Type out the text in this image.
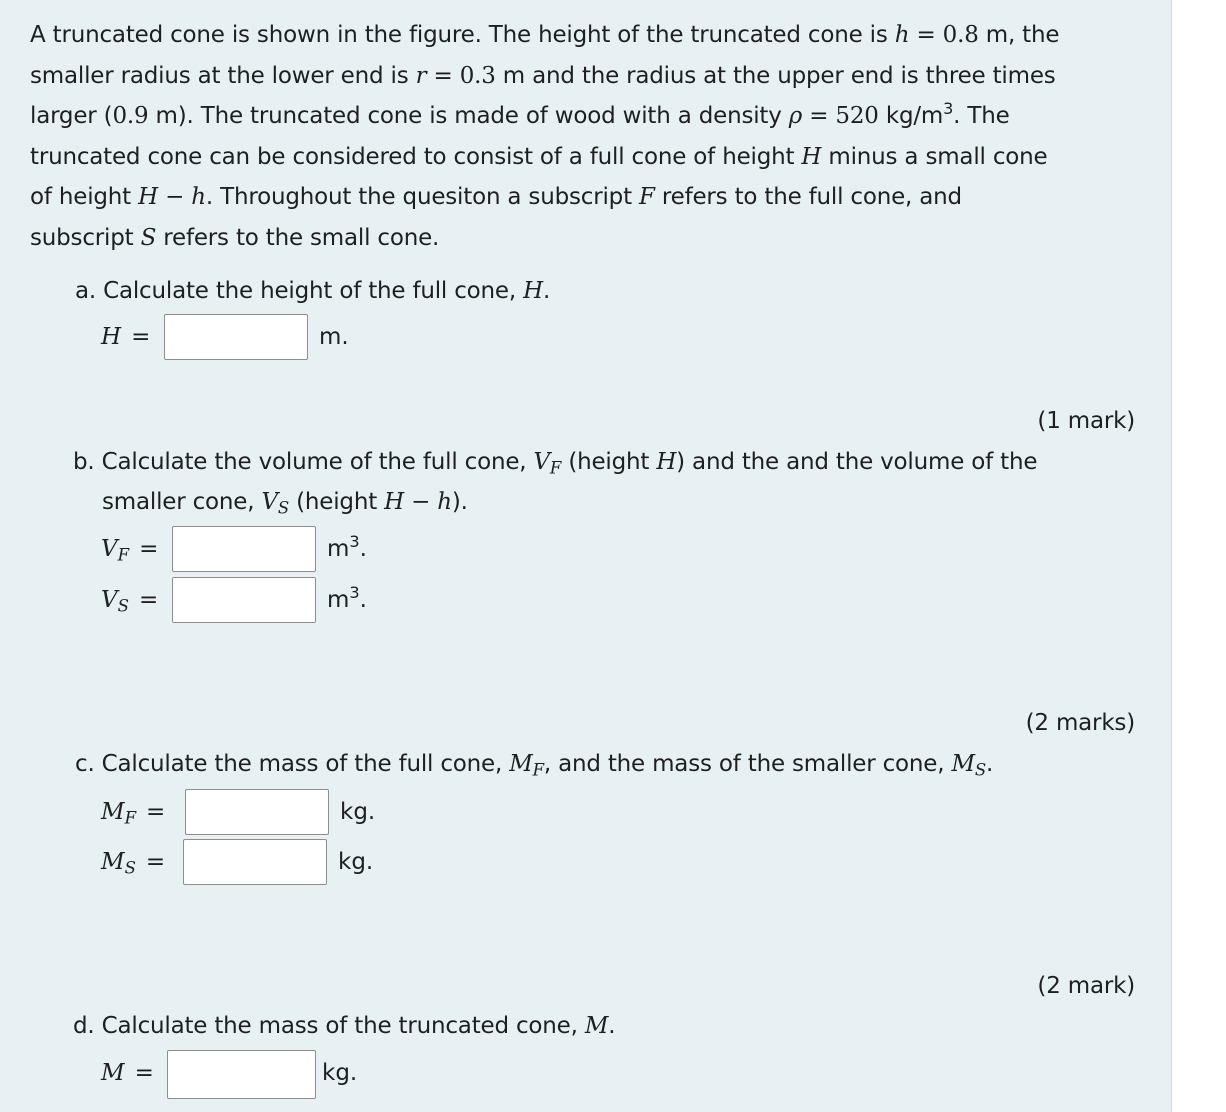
A truncated cone is shown in the figure. The height of the truncated cone is h = 0.8 m, the
smaller radius at the lower end is r = 0.3 m and the radius at the upper end is three times
larger (0.9 m). The truncated cone is made of wood with a density ρ = 520 $kg/m^3$. The
truncated cone can be considered to consist of a full cone of height H minus a small cone
of height H − h. Throughout the quesiton a subscript F refers to the full cone, and
subscript S refers to the small cone.
a. Calculate the height of the full cone, H.
H =	m.
(1 mark)
b. Calculate the volume of the full cone, $V_F$ (height H) and the and the volume of the
smaller cone, $V_S$ (height H − h).
$V_F$ =	$m^3$.
$V_S$ =	$m^3$.
(2 marks)
c. Calculate the mass of the full cone, $M_F$, and the mass of the smaller cone, $M_S$.
$M_F$ =	kg.
$M_S$ =	kg.
(2 mark)
d. Calculate the mass of the truncated cone, M.
M =	kg.
